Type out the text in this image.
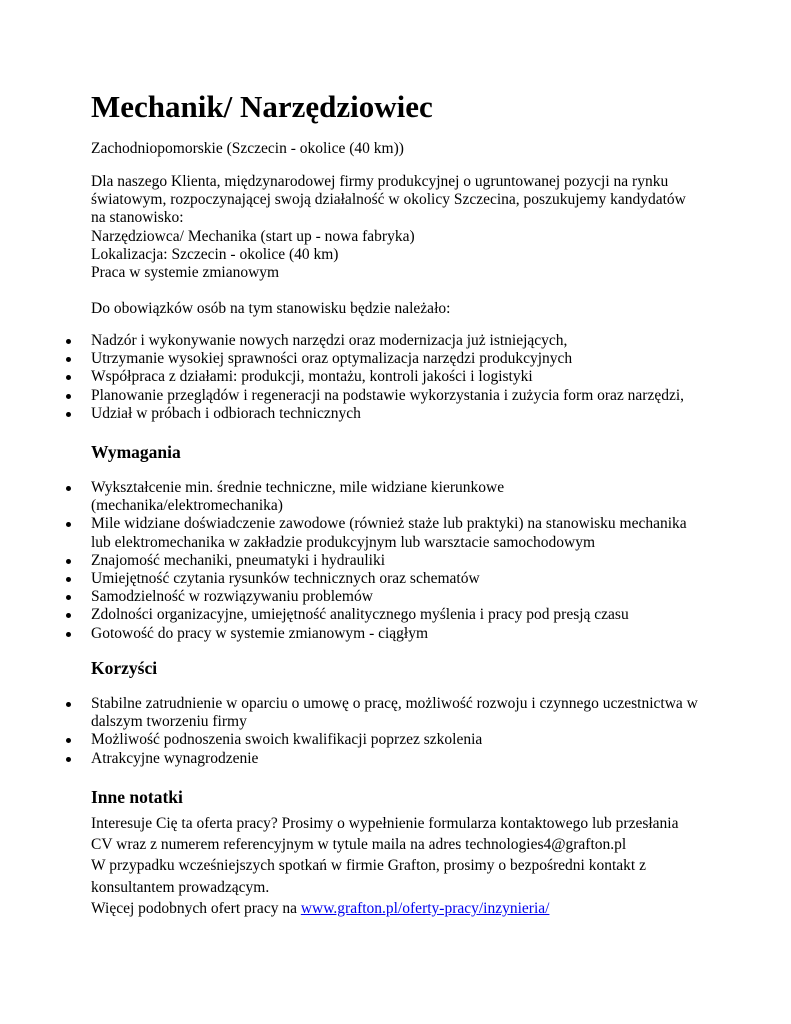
Mechanik/ Narzędziowiec

Zachodniopomorskie (Szczecin - okolice (40 km))

Dla naszego Klienta, międzynarodowej firmy produkcyjnej o ugruntowanej pozycji na rynku
światowym, rozpoczynającej swoją działalność w okolicy Szczecina, poszukujemy kandydatów
na stanowisko:
Narzędziowca/ Mechanika (start up - nowa fabryka)
Lokalizacja: Szczecin - okolice (40 km)
Praca w systemie zmianowym

Do obowiązków osób na tym stanowisku będzie należało:

Nadzór i wykonywanie nowych narzędzi oraz modernizacja już istniejących,
Utrzymanie wysokiej sprawności oraz optymalizacja narzędzi produkcyjnych
Współpraca z działami: produkcji, montażu, kontroli jakości i logistyki
Planowanie przeglądów i regeneracji na podstawie wykorzystania i zużycia form oraz narzędzi,
Udział w próbach i odbiorach technicznych
Wymagania
Wykształcenie min. średnie techniczne, mile widziane kierunkowe
(mechanika/elektromechanika)
Mile widziane doświadczenie zawodowe (również staże lub praktyki) na stanowisku mechanika
lub elektromechanika w zakładzie produkcyjnym lub warsztacie samochodowym
Znajomość mechaniki, pneumatyki i hydrauliki
Umiejętność czytania rysunków technicznych oraz schematów
Samodzielność w rozwiązywaniu problemów
Zdolności organizacyjne, umiejętność analitycznego myślenia i pracy pod presją czasu
Gotowość do pracy w systemie zmianowym - ciągłym
Korzyści
Stabilne zatrudnienie w oparciu o umowę o pracę, możliwość rozwoju i czynnego uczestnictwa w
dalszym tworzeniu firmy
Możliwość podnoszenia swoich kwalifikacji poprzez szkolenia
Atrakcyjne wynagrodzenie
Inne notatki

Interesuje Cię ta oferta pracy? Prosimy o wypełnienie formularza kontaktowego lub przesłania
CV wraz z numerem referencyjnym w tytule maila na adres technologies4@grafton.pl
W przypadku wcześniejszych spotkań w firmie Grafton, prosimy o bezpośredni kontakt z
konsultantem prowadzącym.
Więcej podobnych ofert pracy na www.grafton.pl/oferty-pracy/inzynieria/
